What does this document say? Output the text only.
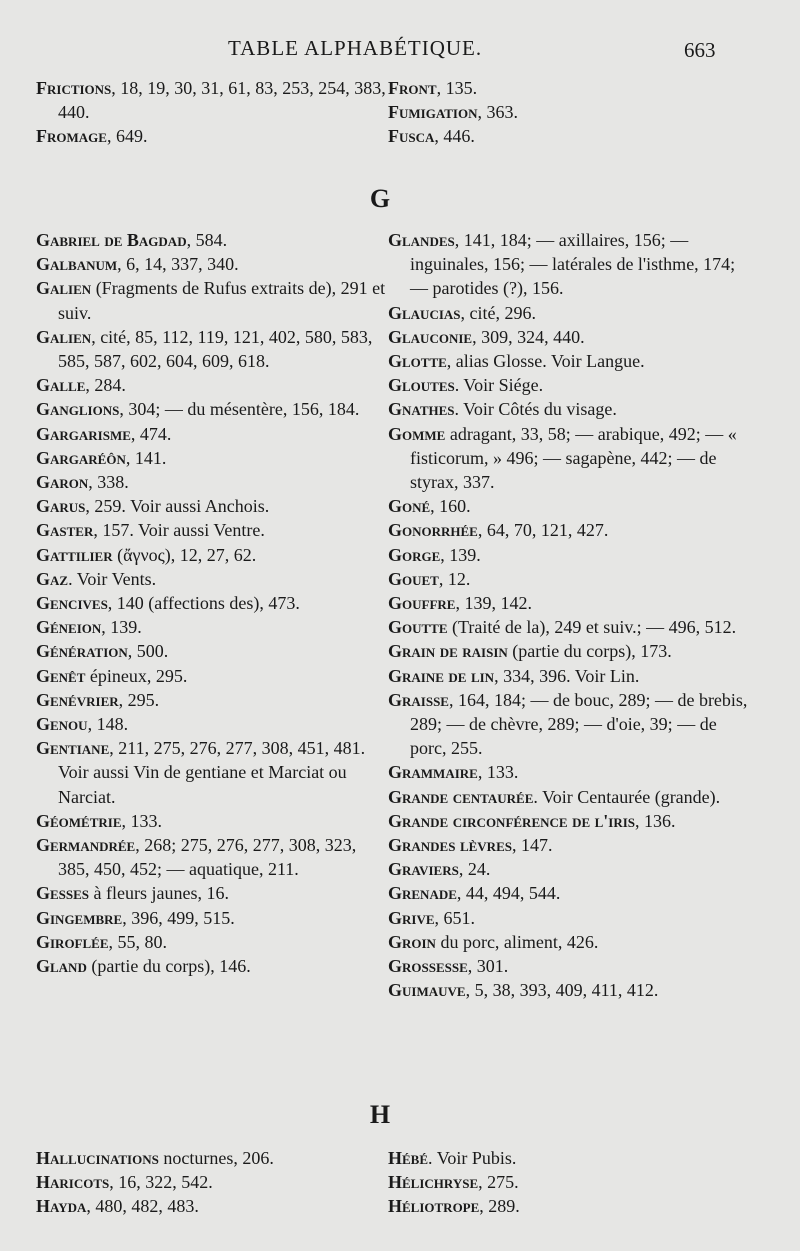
TABLE ALPHABÉTIQUE.	663
Frictions, 18, 19, 30, 31, 61, 83, 253, 254, 383, 440.
Fromage, 649.
Front, 135.
Fumigation, 363.
Fusca, 446.
G
Gabriel de Bagdad, 584.
Galbanum, 6, 14, 337, 340.
Galien (Fragments de Rufus extraits de), 291 et suiv.
Galien, cité, 85, 112, 119, 121, 402, 580, 583, 585, 587, 602, 604, 609, 618.
Galle, 284.
Ganglions, 304; — du mésentère, 156, 184.
Gargarisme, 474.
Gargaréôn, 141.
Garon, 338.
Garus, 259. Voir aussi Anchois.
Gaster, 157. Voir aussi Ventre.
Gattilier (ἄγνος), 12, 27, 62.
Gaz. Voir Vents.
Gencives, 140 (affections des), 473.
Géneion, 139.
Génération, 500.
Genêt épineux, 295.
Genévrier, 295.
Genou, 148.
Gentiane, 211, 275, 276, 277, 308, 451, 481. Voir aussi Vin de gentiane et Marciat ou Narciat.
Géométrie, 133.
Germandrée, 268; 275, 276, 277, 308, 323, 385, 450, 452; — aquatique, 211.
Gesses à fleurs jaunes, 16.
Gingembre, 396, 499, 515.
Giroflée, 55, 80.
Gland (partie du corps), 146.
Glandes, 141, 184; — axillaires, 156; — inguinales, 156; — latérales de l'isthme, 174; — parotides (?), 156.
Glaucias, cité, 296.
Glauconie, 309, 324, 440.
Glotte, alias Glosse. Voir Langue.
Gloutes. Voir Siége.
Gnathes. Voir Côtés du visage.
Gomme adragant, 33, 58; — arabique, 492; — « fisticorum, » 496; — sagapène, 442; — de styrax, 337.
Goné, 160.
Gonorrhée, 64, 70, 121, 427.
Gorge, 139.
Gouet, 12.
Gouffre, 139, 142.
Goutte (Traité de la), 249 et suiv.; — 496, 512.
Grain de raisin (partie du corps), 173.
Graine de lin, 334, 396. Voir Lin.
Graisse, 164, 184; — de bouc, 289; — de brebis, 289; — de chèvre, 289; — d'oie, 39; — de porc, 255.
Grammaire, 133.
Grande centaurée. Voir Centaurée (grande).
Grande circonférence de l'iris, 136.
Grandes lèvres, 147.
Graviers, 24.
Grenade, 44, 494, 544.
Grive, 651.
Groin du porc, aliment, 426.
Grossesse, 301.
Guimauve, 5, 38, 393, 409, 411, 412.
H
Hallucinations nocturnes, 206.
Haricots, 16, 322, 542.
Hayda, 480, 482, 483.
Hébé. Voir Pubis.
Hélichryse, 275.
Héliotrope, 289.
